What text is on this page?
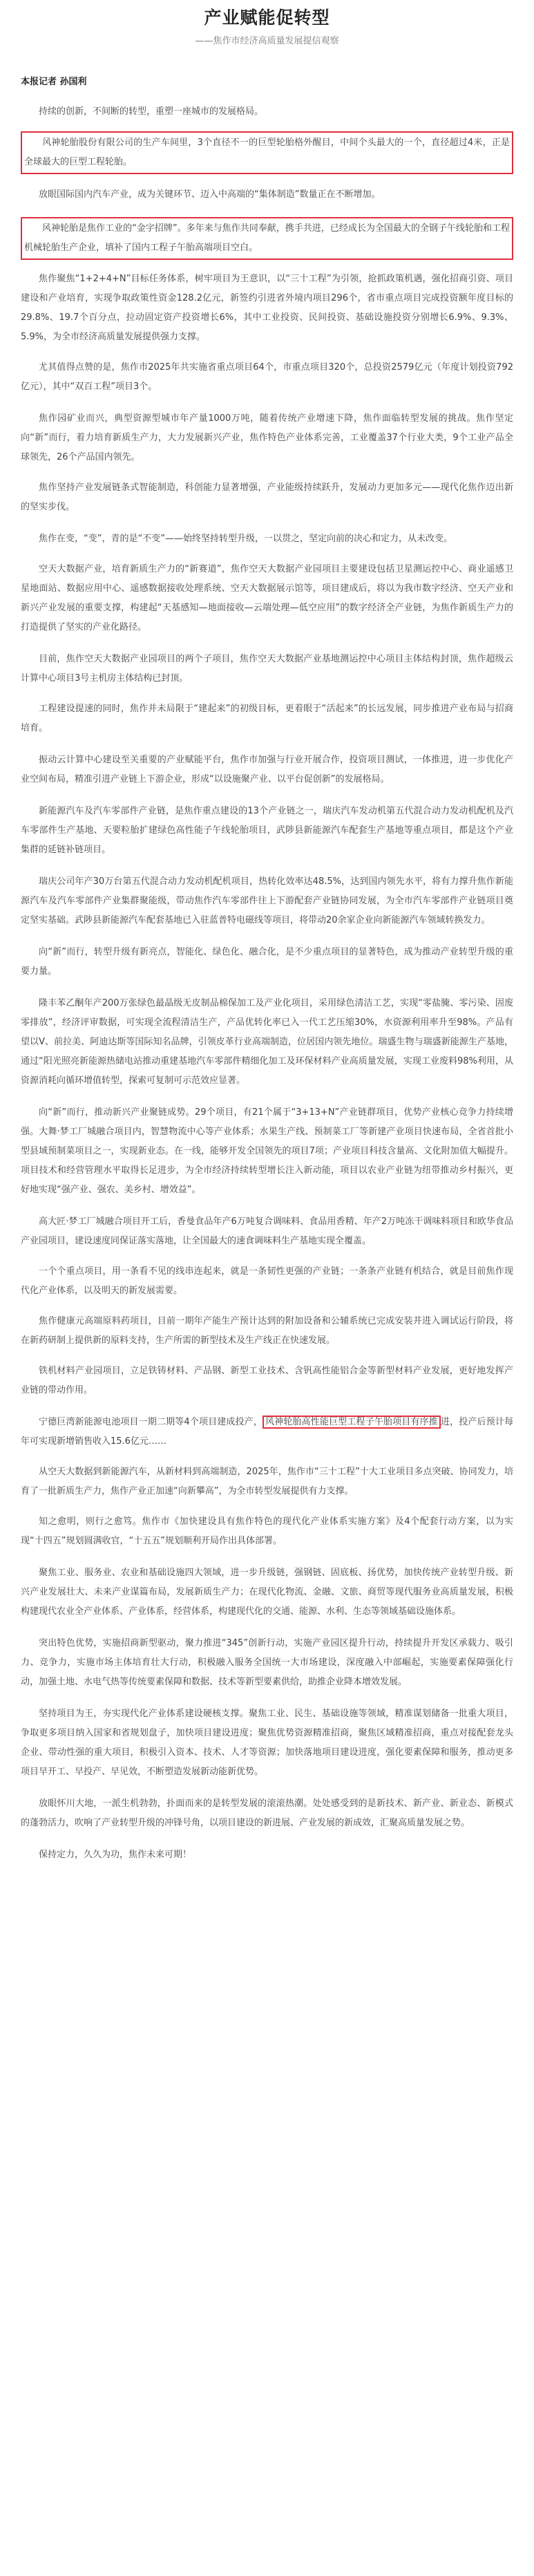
产业赋能促转型
——焦作市经济高质量发展提信观察
本报记者 孙国利

持续的创新，不间断的转型，重塑一座城市的发展格局。

风神轮胎股份有限公司的生产车间里，3个直径不一的巨型轮胎格外醒目，中间个头最大的一个，直径超过4米，正是全球最大的巨型工程轮胎。

放眼国际国内汽车产业，成为关键环节、迈入中高端的“集体制造”数量正在不断增加。

风神轮胎是焦作工业的“金字招牌”。多年来与焦作共同奉献，携手共进，已经成长为全国最大的全钢子午线轮胎和工程机械轮胎生产企业，填补了国内工程子午胎高端项目空白。

焦作聚焦“1+2+4+N”目标任务体系，树牢项目为王意识，以“三十工程”为引领，抢抓政策机遇，强化招商引资、项目建设和产业培育，实现争取政策性资金128.2亿元，新签约引进省外境内项目296个，省市重点项目完成投资额年度目标的29.8%、19.7个百分点，拉动固定资产投资增长6%，其中工业投资、民间投资、基础设施投资分别增长6.9%、9.3%、5.9%，为全市经济高质量发展提供强力支撑。

尤其值得点赞的是，焦作市2025年共实施省重点项目64个，市重点项目320个，总投资2579亿元（年度计划投资792亿元），其中“双百工程”项目3个。

焦作园矿业而兴，典型资源型城市年产量1000万吨，随着传统产业增速下降，焦作面临转型发展的挑战。焦作坚定向“新”而行，着力培育新质生产力，大力发展新兴产业，焦作特色产业体系完善，工业覆盖37个行业大类，9个工业产品全球领先，26个产品国内领先。

焦作坚持产业发展链条式智能制造，科创能力显著增强，产业能级持续跃升，发展动力更加多元——现代化焦作迈出新的坚实步伐。

焦作在变，“变”，青的是“不变”——始终坚持转型升级，一以贯之，坚定向前的决心和定力，从未改变。

空天大数据产业，培育新质生产力的“新赛道”，焦作空天大数据产业园项目主要建设包括卫星测运控中心、商业遥感卫星地面站、数据应用中心、遥感数据接收处理系统、空天大数据展示馆等，项目建成后，将以为我市数字经济、空天产业和新兴产业发展的重要支撑，构建起“天基感知—地面接收—云端处理—低空应用”的数字经济全产业链，为焦作新质生产力的打造提供了坚实的产业化路径。

目前，焦作空天大数据产业园项目的两个子项目，焦作空天大数据产业基地测运控中心项目主体结构封顶，焦作超级云计算中心项目3号主机房主体结构已封顶。

工程建设提速的同时，焦作并未局限于“建起来”的初级目标，更着眼于“活起来”的长远发展，同步推进产业布局与招商培育。

振动云计算中心建设至关重要的产业赋能平台，焦作市加强与行业开展合作，投资项目测试，一体推进，进一步优化产业空间布局，精准引进产业链上下游企业，形成“以设施聚产业、以平台促创新”的发展格局。

新能源汽车及汽车零部件产业链，是焦作重点建设的13个产业链之一，瑞庆汽车发动机第五代混合动力发动机配机及汽车零部件生产基地、天要粒胎扩建绿色高性能子午线轮胎项目，武陟县新能源汽车配套生产基地等重点项目，都是这个产业集群的延链补链项目。

瑞庆公司年产30万台第五代混合动力发动机配机项目，热转化效率达48.5%，达到国内领先水平，将有力撑升焦作新能源汽车及汽车零部件产业集群聚能级，带动焦作汽车零部件往上下游配套产业链协同发展，为全市汽车零部件产业链项目奠定坚实基础。武陟县新能源汽车配套基地已入驻蓝普特电磁线等项目，将带动20余家企业向新能源汽车领域转换发力。

向“新”而行，转型升级有新亮点，智能化、绿色化、融合化，是不少重点项目的显著特色，成为推动产业转型升级的重要力量。

隆丰苯乙酮年产200万张绿色最晶级无皮制品棉保加工及产业化项目，采用绿色清洁工艺，实现“零盐腌、零污染、固废零排放”，经济评审数据，可实现全流程清洁生产，产品优转化率已入一代工艺压缩30%，水资源利用率升至98%。产品有望以V、前拉美、阿迪达斯等国际知名品牌，引领皮革行业高端制造，位居国内领先地位。瑞盛生物与瑞盛新能源生产基地，通过“阳光照亮新能源热储电站推动重建基地汽车零部件精细化加工及环保材料产业高质量发展，实现工业废料98%利用，从资源消耗向循环增值转型，探索可复制可示范效应显著。

向“新”而行，推动新兴产业聚链成势。29个项目，有21个属于“3+13+N”产业链群项目，优势产业核心竞争力持续增强。大舞·梦工厂城融合项目内，智慧物流中心等产业体系；水果生产线、预制菜工厂等新建产业项目快速布局，全省首批小型县域预制菜项目之一，实现新业态。在一线，能够开发全国领先的项目7项；产业项目科技含量高、文化附加值大幅提升。项目技术和经营管理水平取得长足进步，为全市经济持续转型增长注入新动能，项目以农业产业链为纽带推动乡村振兴，更好地实现“强产业、强农、美乡村、增效益”。

高大匠·梦工厂城融合项目开工后，香曼食品年产6万吨复合调味料、食品用香精、年产2万吨冻干调味料项目和欧华食品产业园项目，建设速度同保证落实落地，让全国最大的速食调味料生产基地实现全覆盖。

一个个重点项目，用一条看不见的线串连起来，就是一条韧性更强的产业链；一条条产业链有机结合，就是目前焦作现代化产业体系，以及明天的新发展需要。

焦作健康元高端原料药项目，目前一期年产能生产预计达到的附加设备和公辅系统已完成安装并进入调试运行阶段，将在新药研制上提供新的原料支持，生产所需的新型技术及生产线正在快速发展。

铁机材料产业园项目，立足铁铸材料、产品钢、新型工业技术、含钒高性能铝合金等新型材料产业发展，更好地发挥产业链的带动作用。

宁德巨湾新能源电池项目一期二期等4个项目建成投产， 风神轮胎高性能巨型工程子午胎项目有序推 进，投产后预计每年可实现新增销售收入15.6亿元……

从空天大数据到新能源汽车，从新材料到高端制造，2025年，焦作市“三十工程”十大工业项目多点突破、协同发力，培育了一批新质生产力，焦作产业正加速“向新攀高”，为全市转型发展提供有力支撑。

知之愈明，则行之愈笃。焦作市《加快建设具有焦作特色的现代化产业体系实施方案》及4个配套行动方案，以为实现“十四五”规划圆满收官，“十五五”规划顺利开局作出具体部署。

聚焦工业、服务业、农业和基础设施四大领域，进一步升级链，强钢链、固底板、扬优势，加快传统产业转型升级、新兴产业发展壮大、未来产业谋篇布局，发展新质生产力；在现代化物流、金融、文旅、商贸等现代服务业高质量发展，积极构建现代农业全产业体系、产业体系，经营体系，构建现代化的交通、能源、水利、生态等领域基础设施体系。

突出特色优势，实施招商新型驱动，聚力推进“345”创新行动，实施产业园区提升行动，持续提升开发区承载力、吸引力、竞争力，实施市场主体培育壮大行动，积极融入服务全国统一大市场建设，深度融入中部崛起，实施要素保障强化行动，加强土地、水电气热等传统要素保障和数据、技术等新型要素供给，助推企业降本增效发展。

坚持项目为王，夯实现代化产业体系建设硬核支撑。聚焦工业、民生、基础设施等领域，精准谋划储备一批重大项目，争取更多项目纳入国家和省规划盘子，加快项目建设进度；聚焦优势资源精准招商，聚焦区域精准招商，重点对接配套龙头企业、带动性强的重大项目，积极引入资本、技术、人才等资源；加快落地项目建设进度，强化要素保障和服务，推动更多项目早开工、早投产、早见效，不断塑造发展新动能新优势。

放眼怀川大地，一派生机勃勃，扑面而来的是转型发展的滚滚热潮。处处感受到的是新技术、新产业、新业态、新模式的蓬勃活力，吹响了产业转型升级的冲锋号角，以项目建设的新进展、产业发展的新成效，汇聚高质量发展之势。

保持定力，久久为功，焦作未来可期！
